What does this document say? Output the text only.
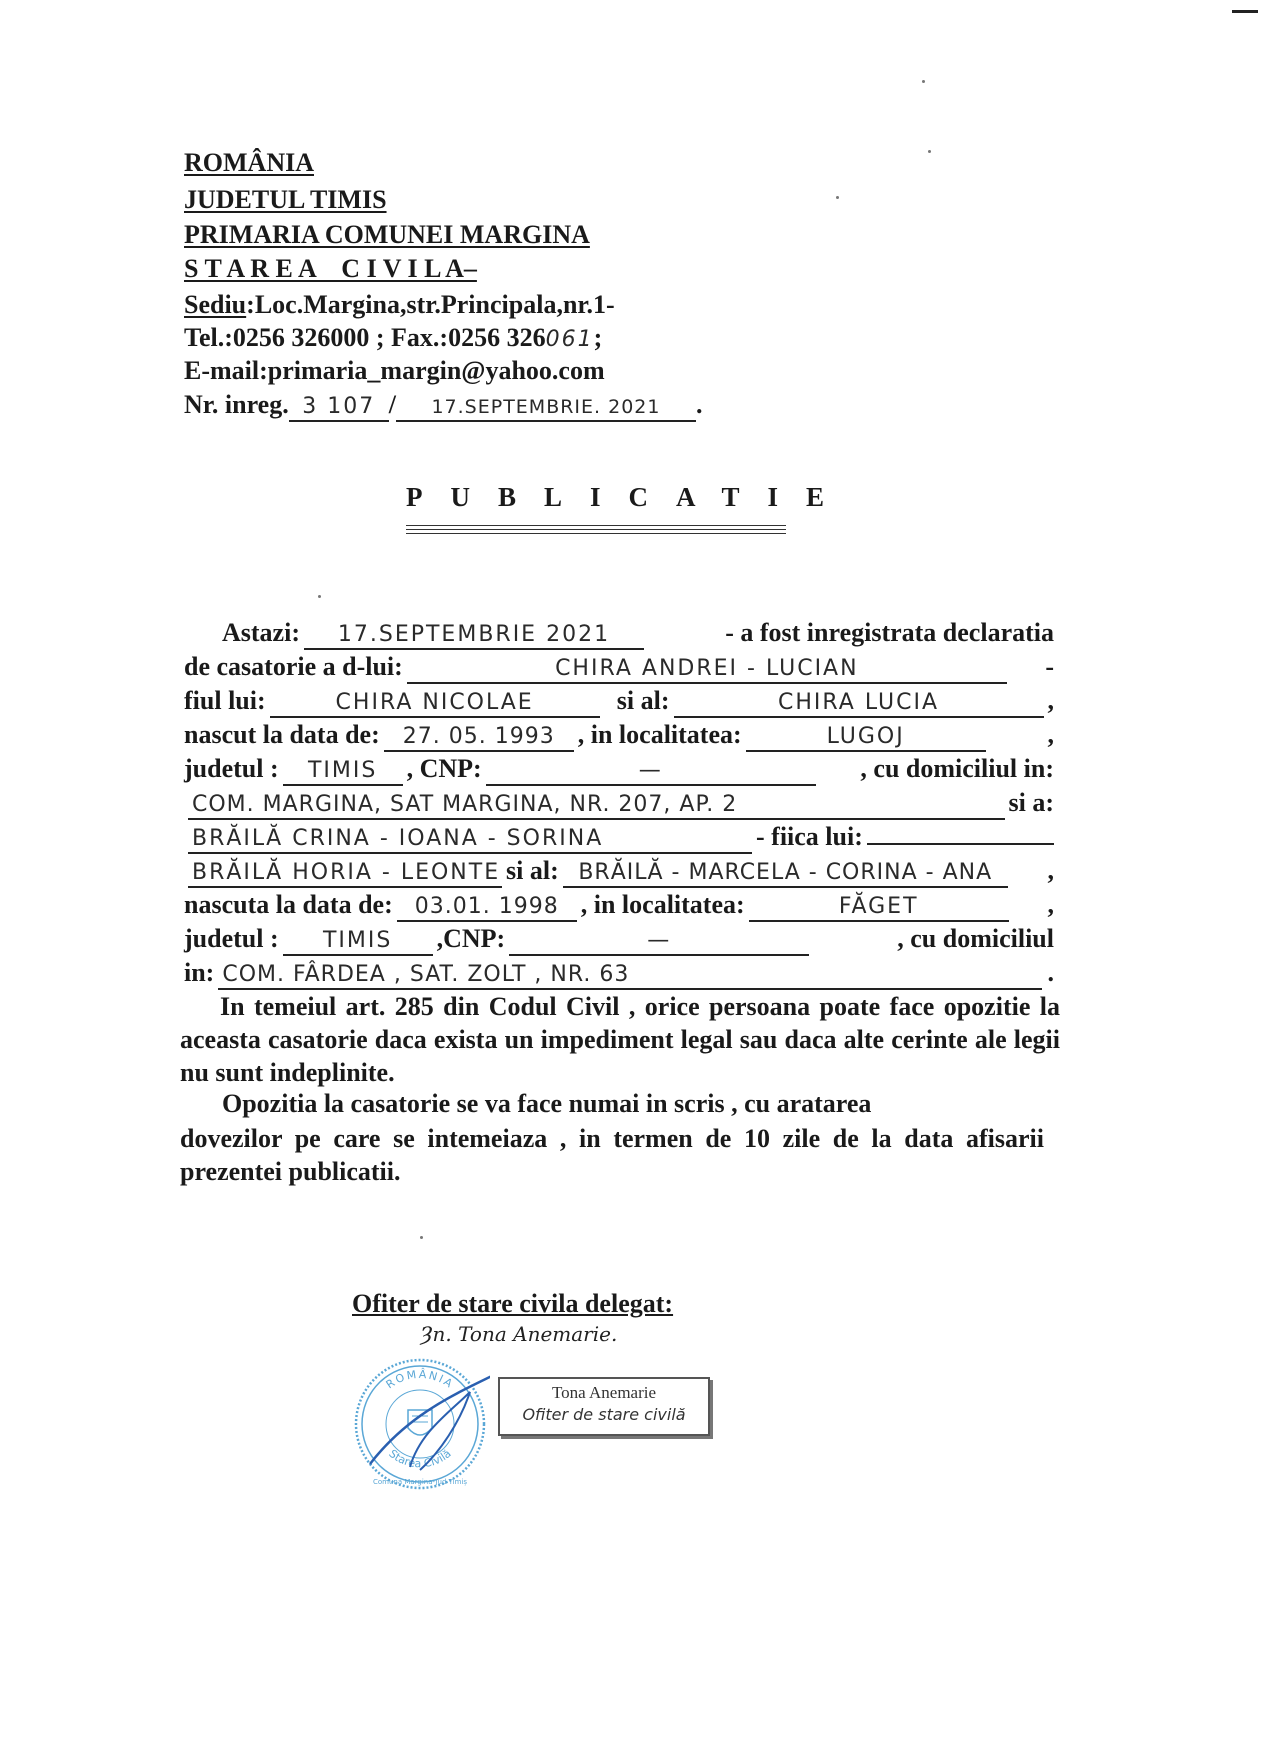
ROMÂNIA
JUDETUL TIMIS
PRIMARIA COMUNEI MARGINA
S T A R E A    C I V I L A–
Sediu:Loc.Margina,str.Principala,nr.1-
Tel.:0256 326000 ; Fax.:0256 326061;
E-mail:primaria_margin@yahoo.com
Nr. inreg. 3 107 / 17.SEPTEMBRIE. 2021 .
PUBLICATIE
Astazi:	17.SEPTEMBRIE 2021	- a fost inregistrata declaratia
de casatorie a d-lui:	CHIRA ANDREI - LUCIAN	-
fiul lui:	CHIRA NICOLAE	si al:	CHIRA LUCIA	,
nascut la data de:	27. 05. 1993 , in localitatea:	LUGOJ	,
judetul :	TIMIS	, CNP:	—	, cu domiciliul in:
COM. MARGINA, SAT MARGINA, NR. 207, AP. 2	si a:
BRĂILĂ CRINA - IOANA - SORINA	- fiica lui:
BRĂILĂ HORIA - LEONTE si al: BRĂILĂ - MARCELA - CORINA - ANA	,
nascuta la data de:	03.01. 1998 , in localitatea:	FĂGET	,
judetul :	TIMIS	,CNP:	—	, cu domiciliul
in: COM. FÂRDEA , SAT. ZOLT , NR. 63	.
In temeiul art. 285 din Codul Civil , orice persoana poate face opozitie la aceasta casatorie daca exista un impediment legal sau daca alte cerinte ale legii nu sunt indeplinite.
Opozitia la casatorie se va face numai in scris , cu aratarea
dovezilor pe care se intemeiaza , in termen de 10 zile de la data afisarii prezentei publicatii.
Ofiter de stare civila delegat:
Ȝn. Tona Anemarie.
ROMÂNIA
Starea Civilă
Comuna Margina-Jud Timiș
Tona Anemarie
Ofiter de stare civilă
